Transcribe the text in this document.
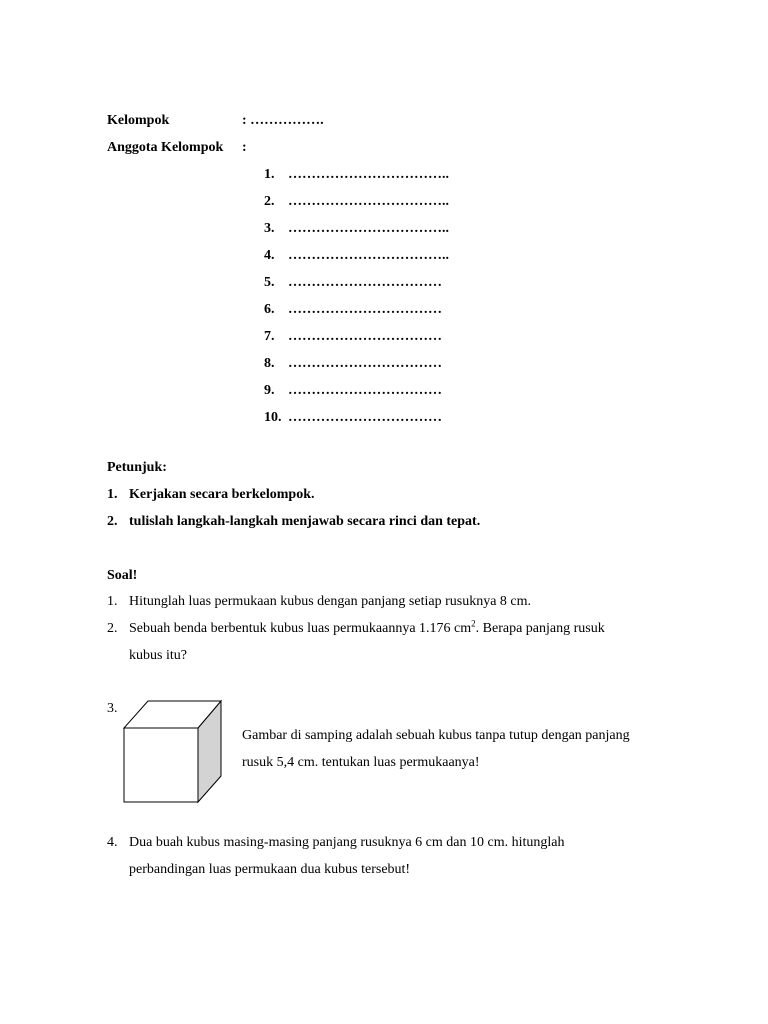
Kelompok	: …………….
Anggota Kelompok :
1. ……………………………..
2. ……………………………..
3. ……………………………..
4. ……………………………..
5. ……………………………
6. ……………………………
7. ……………………………
8. ……………………………
9. ……………………………
10. ……………………………
Petunjuk:
1. Kerjakan secara berkelompok.
2. tulislah langkah-langkah menjawab secara rinci dan tepat.
Soal!
1. Hitunglah luas permukaan kubus dengan panjang setiap rusuknya 8 cm.
2. Sebuah benda berbentuk kubus luas permukaannya 1.176 $cm^2$. Berapa panjang rusuk
kubus itu?
3.
Gambar di samping adalah sebuah kubus tanpa tutup dengan panjang
rusuk 5,4 cm. tentukan luas permukaanya!
4. Dua buah kubus masing-masing panjang rusuknya 6 cm dan 10 cm. hitunglah
perbandingan luas permukaan dua kubus tersebut!
